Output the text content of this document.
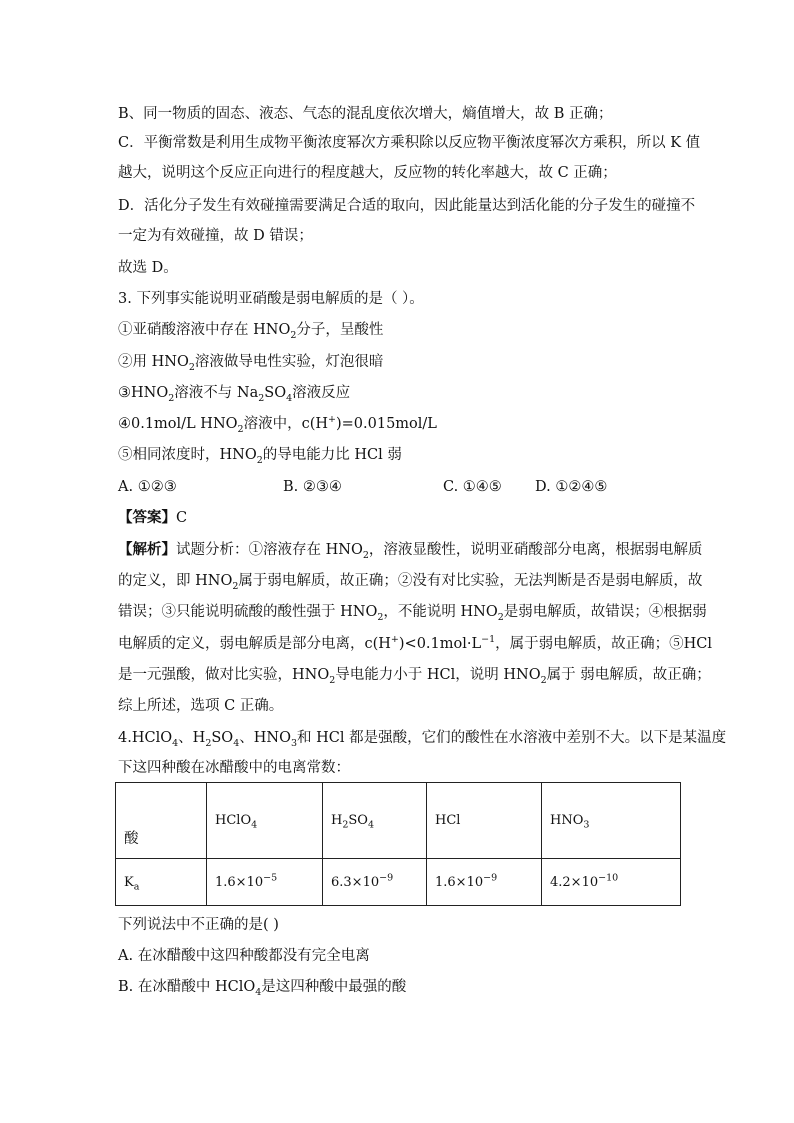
B、同一物质的固态、液态、气态的混乱度依次增大，熵值增大，故 B 正确；
C．平衡常数是利用生成物平衡浓度幂次方乘积除以反应物平衡浓度幂次方乘积，所以 K 值
越大，说明这个反应正向进行的程度越大，反应物的转化率越大，故 C 正确；
D．活化分子发生有效碰撞需要满足合适的取向，因此能量达到活化能的分子发生的碰撞不
一定为有效碰撞，故 D 错误；
故选 D。
3. 下列事实能说明亚硝酸是弱电解质的是（ ）。
①亚硝酸溶液中存在 $HNO_2$分子，呈酸性
②用 $HNO_2$溶液做导电性实验，灯泡很暗
$③HNO_2$溶液不与 $Na_2SO_4$溶液反应
④0.1mol/L $HNO_2$溶液中，c(H+)=0.015mol/L
⑤相同浓度时，$HNO_2$的导电能力比 HCl 弱
A. ①②③	B. ②③④	C. ①④⑤ D. ①②④⑤
【答案】C
【解析】试题分析：①溶液存在 $HNO_2$，溶液显酸性，说明亚硝酸部分电离，根据弱电解质
的定义，即 $HNO_2$属于弱电解质，故正确；②没有对比实验，无法判断是否是弱电解质，故
错误；③只能说明硫酸的酸性强于 $HNO_2$，不能说明 $HNO_2$是弱电解质，故错误；④根据弱
电解质的定义，弱电解质是部分电离，$c(H^+)<0.1mol\cdot L^{-1}$，属于弱电解质，故正确；⑤HCl
是一元强酸，做对比实验，$HNO_2$导电能力小于 HCl，说明 $HNO_2$属于 弱电解质，故正确；
综上所述，选项 C 正确。
4.HClO$_4$、$H_2SO_4$、$HNO_3$和 HCl 都是强酸，它们的酸性在水溶液中差别不大。以下是某温度
下这四种酸在冰醋酸中的电离常数：
酸	HClO$_4$	$H_2SO_4$	HCl	$HNO_3$
$K_a$	$1.6\times 10^{-5}$	$6.3\times 10^{-9}$	$1.6\times 10^{-9}$	$4.2\times 10^{-10}$
下列说法中不正确的是( )
A. 在冰醋酸中这四种酸都没有完全电离
B. 在冰醋酸中 HClO$_4$是这四种酸中最强的酸
